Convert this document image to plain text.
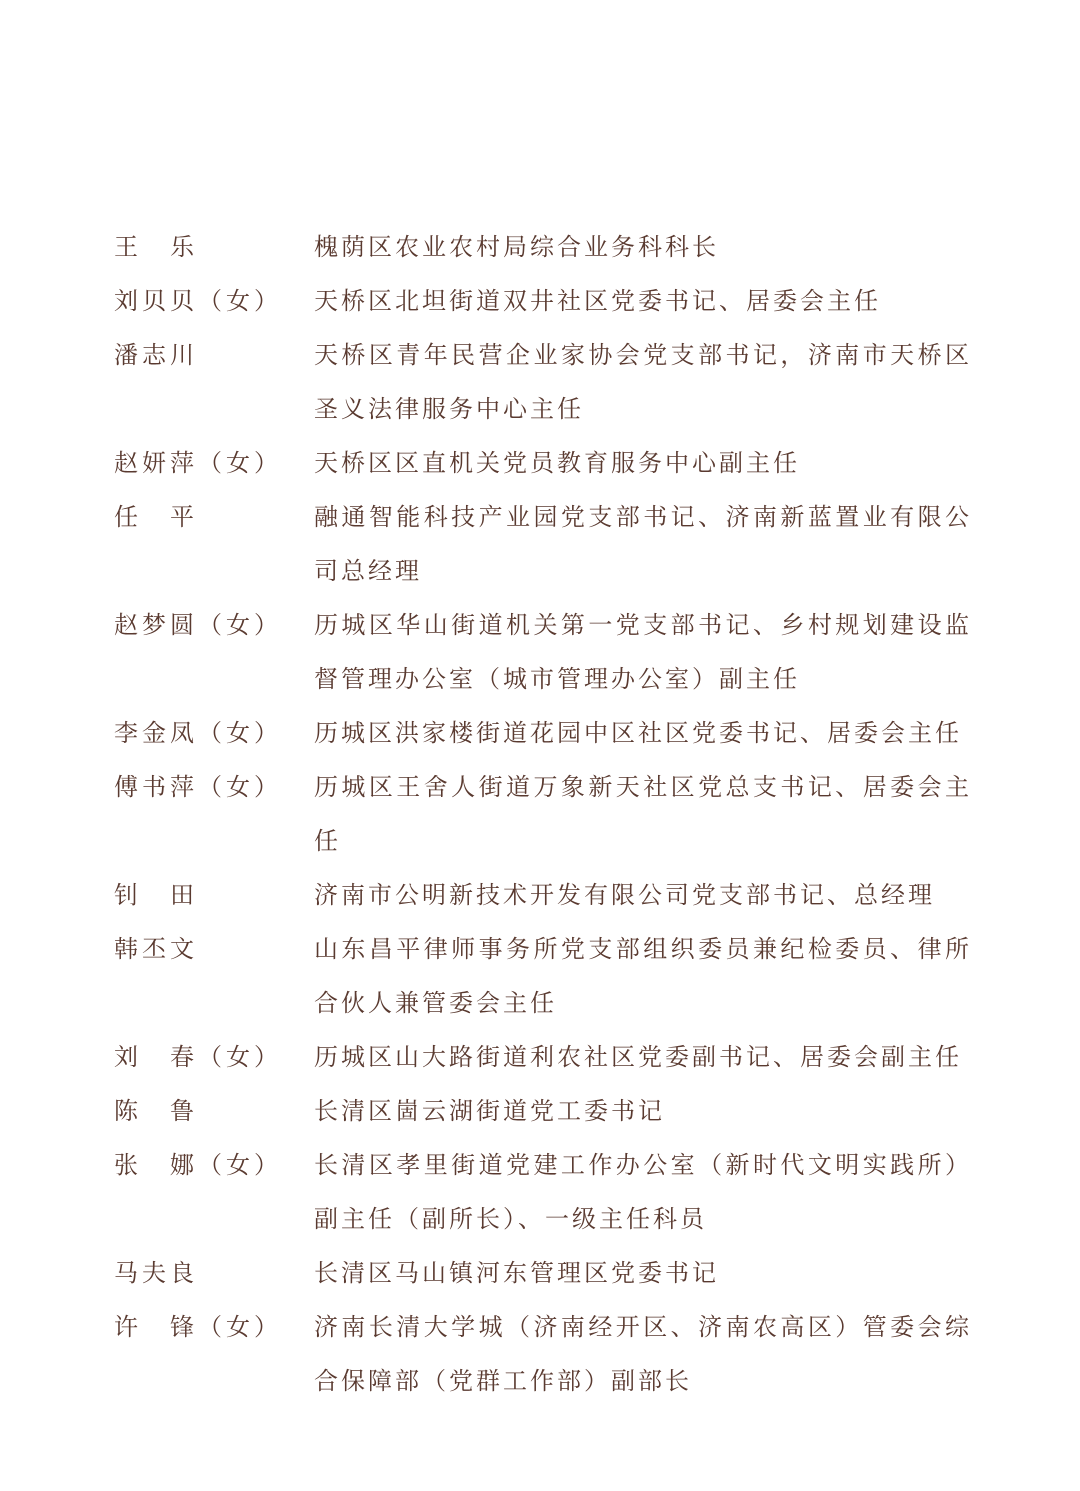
王　乐	槐荫区农业农村局综合业务科科长
刘贝贝（女）	天桥区北坦街道双井社区党委书记、居委会主任
潘志川	天桥区青年民营企业家协会党支部书记，济南市天桥区圣义法律服务中心主任
赵妍萍（女）	天桥区区直机关党员教育服务中心副主任
任　平	融通智能科技产业园党支部书记、济南新蓝置业有限公司总经理
赵梦圆（女）	历城区华山街道机关第一党支部书记、乡村规划建设监督管理办公室（城市管理办公室）副主任
李金凤（女）	历城区洪家楼街道花园中区社区党委书记、居委会主任
傅书萍（女）	历城区王舍人街道万象新天社区党总支书记、居委会主任
钊　田	济南市公明新技术开发有限公司党支部书记、总经理
韩丕文	山东昌平律师事务所党支部组织委员兼纪检委员、律所合伙人兼管委会主任
刘　春（女）	历城区山大路街道利农社区党委副书记、居委会副主任
陈　鲁	长清区崮云湖街道党工委书记
张　娜（女）	长清区孝里街道党建工作办公室（新时代文明实践所）副主任（副所长）、一级主任科员
马夫良	长清区马山镇河东管理区党委书记
许　锋（女）	济南长清大学城（济南经开区、济南农高区）管委会综合保障部（党群工作部）副部长
